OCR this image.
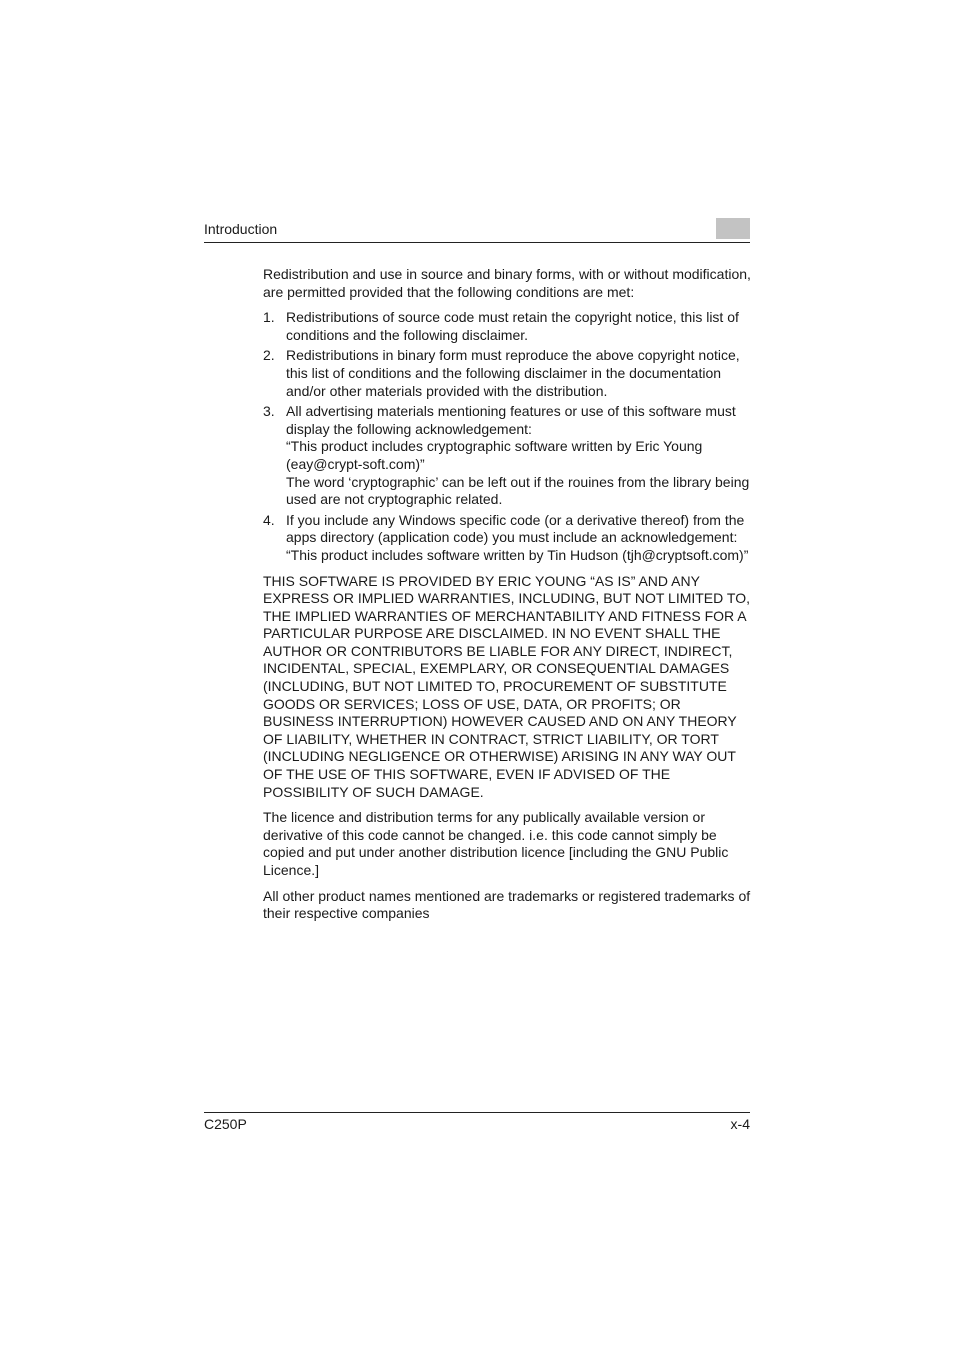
Introduction

Redistribution and use in source and binary forms, with or without modification, are permitted provided that the following conditions are met:

1. Redistributions of source code must retain the copyright notice, this list of conditions and the following disclaimer.
2. Redistributions in binary form must reproduce the above copyright notice, this list of conditions and the following disclaimer in the documentation and/or other materials provided with the distribution.
3. All advertising materials mentioning features or use of this software must display the following acknowledgement:
“This product includes cryptographic software written by Eric Young (eay@crypt-soft.com)”
The word ‘cryptographic’ can be left out if the rouines from the library being used are not cryptographic related.
4. If you include any Windows specific code (or a derivative thereof) from the apps directory (application code) you must include an acknowledgement:
“This product includes software written by Tin Hudson (tjh@cryptsoft.com)”

THIS SOFTWARE IS PROVIDED BY ERIC YOUNG “AS IS” AND ANY EXPRESS OR IMPLIED WARRANTIES, INCLUDING, BUT NOT LIMITED TO, THE IMPLIED WARRANTIES OF MERCHANTABILITY AND FITNESS FOR A PARTICULAR PURPOSE ARE DISCLAIMED. IN NO EVENT SHALL THE AUTHOR OR CONTRIBUTORS BE LIABLE FOR ANY DIRECT, INDIRECT, INCIDENTAL, SPECIAL, EXEMPLARY, OR CONSEQUENTIAL DAMAGES (INCLUDING, BUT NOT LIMITED TO, PROCUREMENT OF SUBSTITUTE GOODS OR SERVICES; LOSS OF USE, DATA, OR PROFITS; OR BUSINESS INTERRUPTION) HOWEVER CAUSED AND ON ANY THEORY OF LIABILITY, WHETHER IN CONTRACT, STRICT LIABILITY, OR TORT (INCLUDING NEGLIGENCE OR OTHERWISE) ARISING IN ANY WAY OUT OF THE USE OF THIS SOFTWARE, EVEN IF ADVISED OF THE POSSIBILITY OF SUCH DAMAGE.

The licence and distribution terms for any publically available version or derivative of this code cannot be changed. i.e. this code cannot simply be copied and put under another distribution licence [including the GNU Public Licence.]

All other product names mentioned are trademarks or registered trademarks of their respective companies

C250P	x-4
